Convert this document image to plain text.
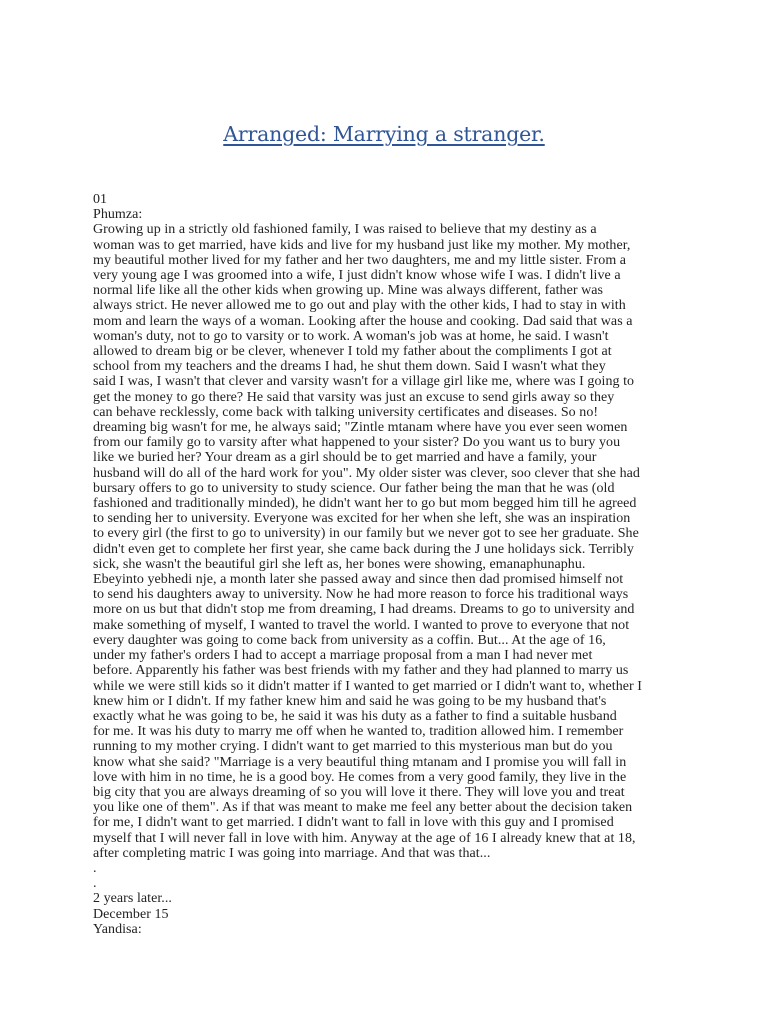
Arranged: Marrying a stranger.
01
Phumza:
Growing up in a strictly old fashioned family, I was raised to believe that my destiny as a
woman was to get married, have kids and live for my husband just like my mother. My mother,
my beautiful mother lived for my father and her two daughters, me and my little sister. From a
very young age I was groomed into a wife, I just didn't know whose wife I was. I didn't live a
normal life like all the other kids when growing up. Mine was always different, father was
always strict. He never allowed me to go out and play with the other kids, I had to stay in with
mom and learn the ways of a woman. Looking after the house and cooking. Dad said that was a
woman's duty, not to go to varsity or to work. A woman's job was at home, he said. I wasn't
allowed to dream big or be clever, whenever I told my father about the compliments I got at
school from my teachers and the dreams I had, he shut them down. Said I wasn't what they
said I was, I wasn't that clever and varsity wasn't for a village girl like me, where was I going to
get the money to go there? He said that varsity was just an excuse to send girls away so they
can behave recklessly, come back with talking university certificates and diseases. So no!
dreaming big wasn't for me, he always said; "Zintle mtanam where have you ever seen women
from our family go to varsity after what happened to your sister? Do you want us to bury you
like we buried her? Your dream as a girl should be to get married and have a family, your
husband will do all of the hard work for you". My older sister was clever, soo clever that she had
bursary offers to go to university to study science. Our father being the man that he was (old
fashioned and traditionally minded), he didn't want her to go but mom begged him till he agreed
to sending her to university. Everyone was excited for her when she left, she was an inspiration
to every girl (the first to go to university) in our family but we never got to see her graduate. She
didn't even get to complete her first year, she came back during the J une holidays sick. Terribly
sick, she wasn't the beautiful girl she left as, her bones were showing, emanaphunaphu.
Ebeyinto yebhedi nje, a month later she passed away and since then dad promised himself not
to send his daughters away to university. Now he had more reason to force his traditional ways
more on us but that didn't stop me from dreaming, I had dreams. Dreams to go to university and
make something of myself, I wanted to travel the world. I wanted to prove to everyone that not
every daughter was going to come back from university as a coffin. But... At the age of 16,
under my father's orders I had to accept a marriage proposal from a man I had never met
before. Apparently his father was best friends with my father and they had planned to marry us
while we were still kids so it didn't matter if I wanted to get married or I didn't want to, whether I
knew him or I didn't. If my father knew him and said he was going to be my husband that's
exactly what he was going to be, he said it was his duty as a father to find a suitable husband
for me. It was his duty to marry me off when he wanted to, tradition allowed him. I remember
running to my mother crying. I didn't want to get married to this mysterious man but do you
know what she said? "Marriage is a very beautiful thing mtanam and I promise you will fall in
love with him in no time, he is a good boy. He comes from a very good family, they live in the
big city that you are always dreaming of so you will love it there. They will love you and treat
you like one of them". As if that was meant to make me feel any better about the decision taken
for me, I didn't want to get married. I didn't want to fall in love with this guy and I promised
myself that I will never fall in love with him. Anyway at the age of 16 I already knew that at 18,
after completing matric I was going into marriage. And that was that...
.
.
2 years later...
December 15
Yandisa:
